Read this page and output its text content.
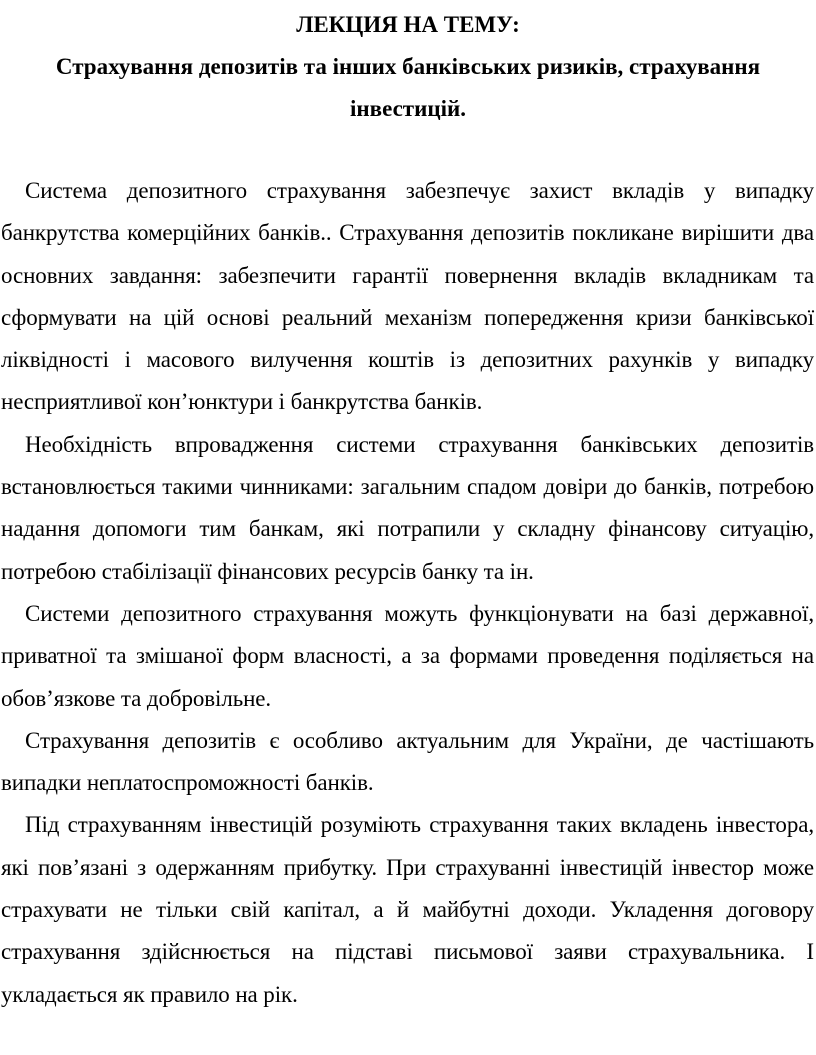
ЛЕКЦИЯ НА ТЕМУ:
Страхування депозитів та інших банківських ризиків, страхування інвестицій.

Система депозитного страхування забезпечує захист вкладів у випадку банкрутства комерційних банків.. Страхування депозитів покликане вирішити два основних завдання: забезпечити гарантії повернення вкладів вкладникам та сформувати на цій основі реальний механізм попередження кризи банківської ліквідності і масового вилучення коштів із депозитних рахунків у випадку несприятливої кон’юнктури і банкрутства банків.

Необхідність впровадження системи страхування банківських депозитів встановлюється такими чинниками: загальним спадом довіри до банків, потребою надання допомоги тим банкам, які потрапили у складну фінансову ситуацію, потребою стабілізації фінансових ресурсів банку та ін.

Системи депозитного страхування можуть функціонувати на базі державної, приватної та змішаної форм власності, а за формами проведення поділяється на обов’язкове та добровільне.

Страхування депозитів є особливо актуальним для України, де частішають випадки неплатоспроможності банків.

Під страхуванням інвестицій розуміють страхування таких вкладень інвестора, які пов’язані з одержанням прибутку. При страхуванні інвестицій інвестор може страхувати не тільки свій капітал, а й майбутні доходи. Укладення договору страхування здійснюється на підставі письмової заяви страхувальника. І укладається як правило на рік.
